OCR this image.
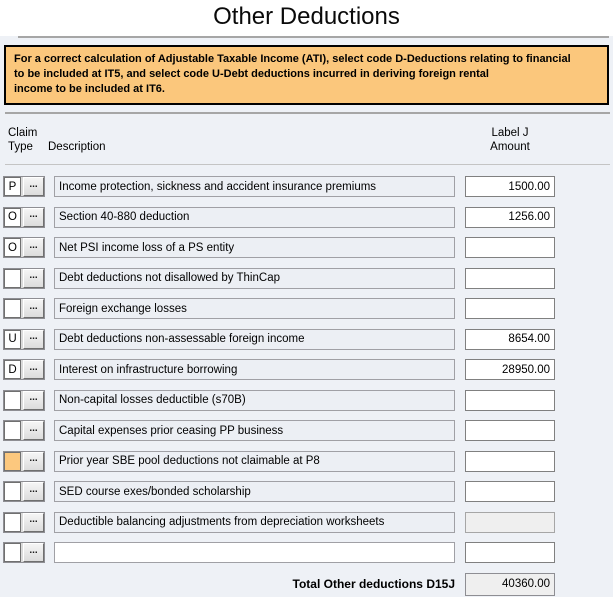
Other Deductions
For a correct calculation of Adjustable Taxable Income (ATI), select code D-Deductions relating to financial
to be included at IT5, and select code U-Debt deductions incurred in deriving foreign rental
income to be included at IT6.
Claim
Type	Description
Label J
Amount
P
...
Income protection, sickness and accident insurance premiums
1500.00
O
...
Section 40-880 deduction
1256.00
O
...
Net PSI income loss of a PS entity
...
Debt deductions not disallowed by ThinCap
...
Foreign exchange losses
U
...
Debt deductions non-assessable foreign income
8654.00
D
...
Interest on infrastructure borrowing
28950.00
...
Non-capital losses deductible (s70B)
...
Capital expenses prior ceasing PP business
...
Prior year SBE pool deductions not claimable at P8
...
SED course exes/bonded scholarship
...
Deductible balancing adjustments from depreciation worksheets
...
Total Other deductions D15J	40360.00
